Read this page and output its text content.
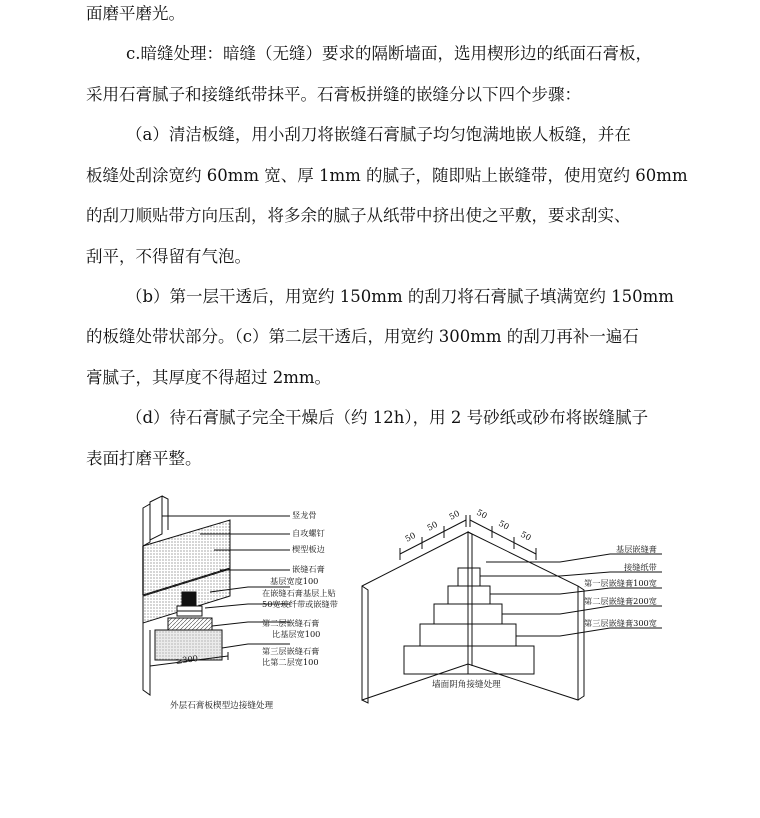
面磨平磨光。
c.暗缝处理：暗缝（无缝）要求的隔断墙面，选用楔形边的纸面石膏板，
采用石膏腻子和接缝纸带抹平。石膏板拼缝的嵌缝分以下四个步骤：
（a）清洁板缝，用小刮刀将嵌缝石膏腻子均匀饱满地嵌人板缝，并在
板缝处刮涂宽约 60mm 宽、厚 1mm 的腻子，随即贴上嵌缝带，使用宽约 60mm
的刮刀顺贴带方向压刮，将多余的腻子从纸带中挤出使之平敷，要求刮实、
刮平，不得留有气泡。
（b）第一层干透后，用宽约 150mm 的刮刀将石膏腻子填满宽约 150mm
的板缝处带状部分。（c）第二层干透后，用宽约 300mm 的刮刀再补一遍石
膏腻子，其厚度不得超过 2mm。
（d）待石膏腻子完全干燥后（约 12h），用 2 号砂纸或砂布将嵌缝腻子
表面打磨平整。
竖龙骨
自攻螺钉
楔型板边
嵌缝石膏
基层宽度100
在嵌缝石膏基层上贴
50宽玻纤带或嵌缝带
第二层嵌缝石膏
比基层宽100
第三层嵌缝石膏
比第二层宽100
≥300
外层石膏板楔型边接缝处理
50
50
50 50
50
50
基层嵌缝膏
接缝纸带
第一层嵌缝膏100宽
第二层嵌缝膏200宽
第三层嵌缝膏300宽
墙面阴角接缝处理
